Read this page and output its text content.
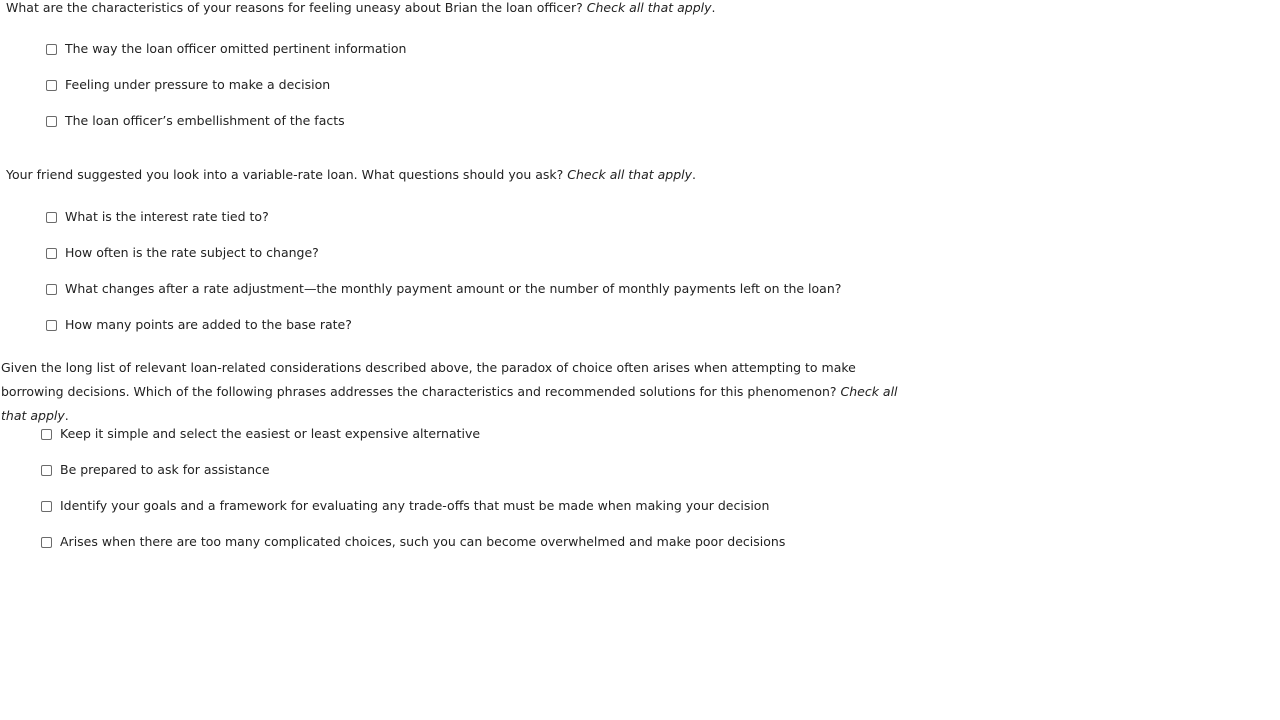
What are the characteristics of your reasons for feeling uneasy about Brian the loan officer? Check all that apply.
The way the loan officer omitted pertinent information
Feeling under pressure to make a decision
The loan officer’s embellishment of the facts
Your friend suggested you look into a variable-rate loan. What questions should you ask? Check all that apply.
What is the interest rate tied to?
How often is the rate subject to change?
What changes after a rate adjustment—the monthly payment amount or the number of monthly payments left on the loan?
How many points are added to the base rate?
Given the long list of relevant loan-related considerations described above, the paradox of choice often arises when attempting to make borrowing decisions. Which of the following phrases addresses the characteristics and recommended solutions for this phenomenon? Check all that apply.
Keep it simple and select the easiest or least expensive alternative
Be prepared to ask for assistance
Identify your goals and a framework for evaluating any trade-offs that must be made when making your decision
Arises when there are too many complicated choices, such you can become overwhelmed and make poor decisions
